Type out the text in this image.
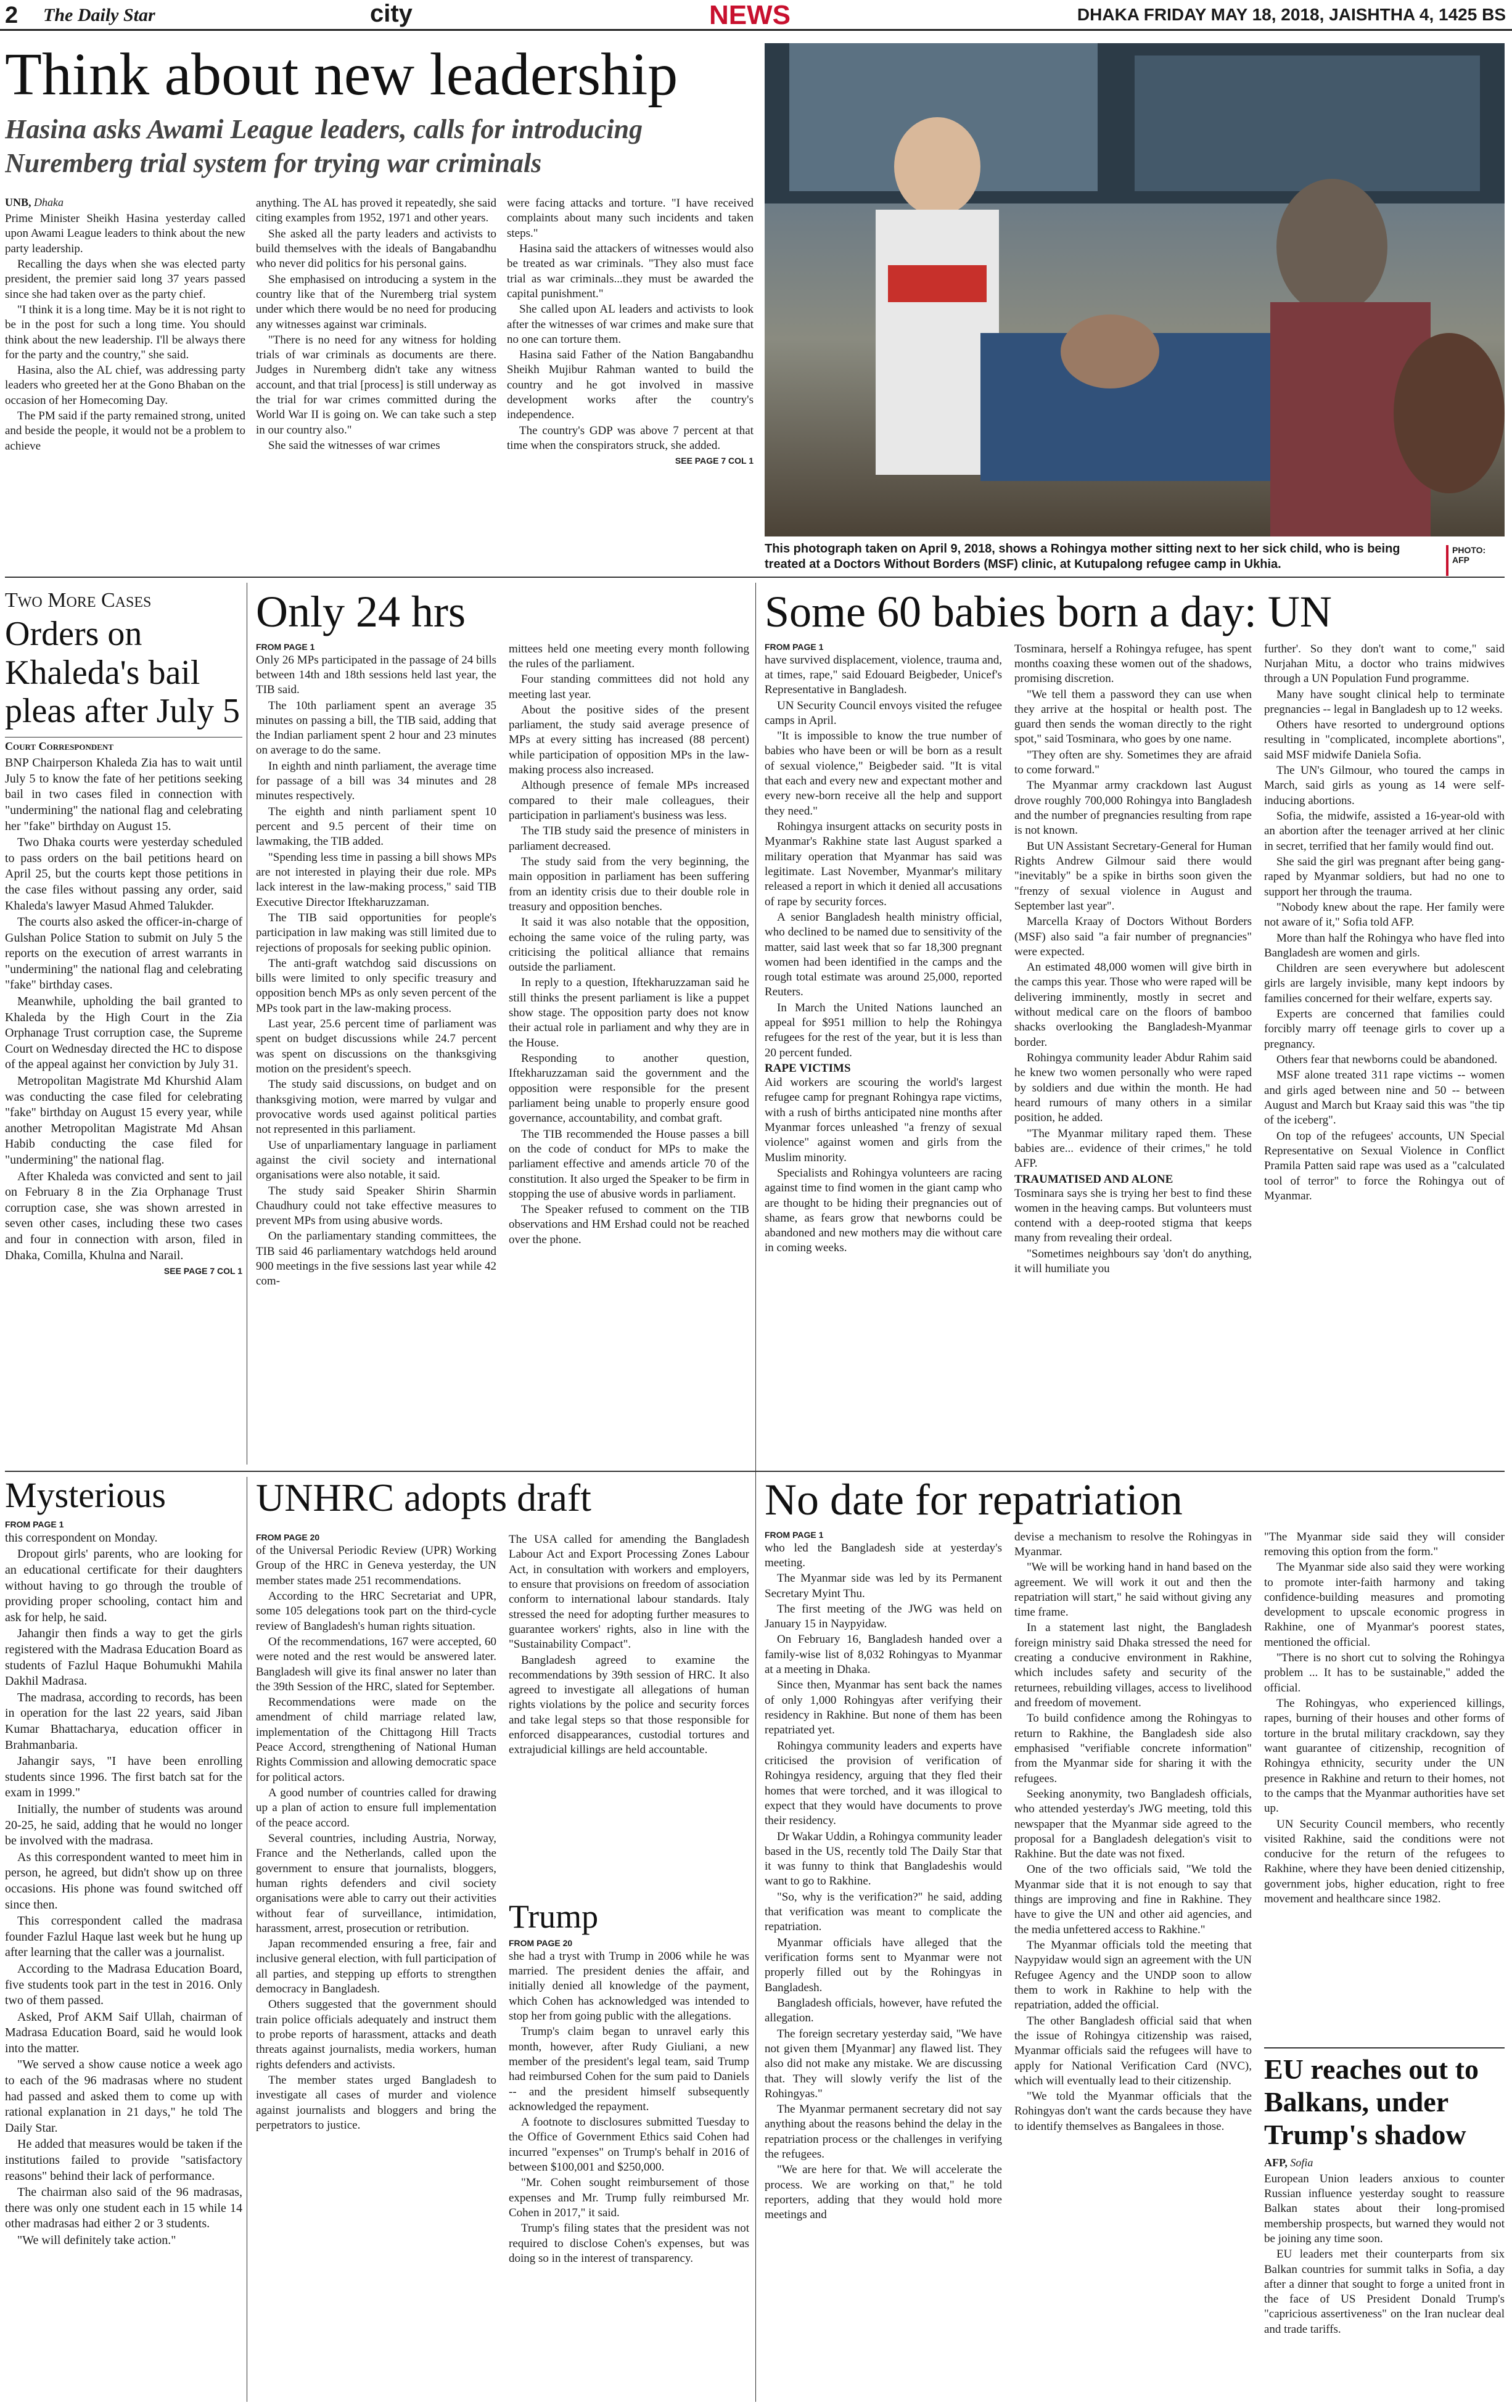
2 The Daily Star	city	NEWS	DHAKA FRIDAY MAY 18, 2018, JAISHTHA 4, 1425 BS
Think about new leadership
Hasina asks Awami League leaders, calls for introducing Nuremberg trial system for trying war criminals
UNB, Dhaka

Prime Minister Sheikh Hasina yesterday called upon Awami League leaders to think about the new party leadership.

Recalling the days when she was elected party president, the premier said long 37 years passed since she had taken over as the party chief.

"I think it is a long time. May be it is not right to be in the post for such a long time. You should think about the new leadership. I'll be always there for the party and the country," she said.

Hasina, also the AL chief, was addressing party leaders who greeted her at the Gono Bhaban on the occasion of her Homecoming Day.

The PM said if the party remained strong, united and beside the people, it would not be a problem to achieve

anything. The AL has proved it repeatedly, she said citing examples from 1952, 1971 and other years.

She asked all the party leaders and activists to build themselves with the ideals of Bangabandhu who never did politics for his personal gains.

She emphasised on introducing a system in the country like that of the Nuremberg trial system under which there would be no need for producing any witnesses against war criminals.

"There is no need for any witness for holding trials of war criminals as documents are there. Judges in Nuremberg didn't take any witness account, and that trial [process] is still underway as the trial for war crimes committed during the World War II is going on. We can take such a step in our country also."

She said the witnesses of war crimes

were facing attacks and torture. "I have received complaints about many such incidents and taken steps."

Hasina said the attackers of witnesses would also be treated as war criminals. "They also must face trial as war criminals...they must be awarded the capital punishment."

She called upon AL leaders and activists to look after the witnesses of war crimes and make sure that no one can torture them.

Hasina said Father of the Nation Bangabandhu Sheikh Mujibur Rahman wanted to build the country and he got involved in massive development works after the country's independence.

The country's GDP was above 7 percent at that time when the conspirators struck, she added.

SEE PAGE 7 COL 1
This photograph taken on April 9, 2018, shows a Rohingya mother sitting next to her sick child, who is being treated at a Doctors Without Borders (MSF) clinic, at Kutupalong refugee camp in Ukhia.
PHOTO:
AFP
Two More Cases
Orders on Khaleda's bail pleas after July 5
Court Correspondent

BNP Chairperson Khaleda Zia has to wait until July 5 to know the fate of her petitions seeking bail in two cases filed in connection with "undermining" the national flag and celebrating her "fake" birthday on August 15.

Two Dhaka courts were yesterday scheduled to pass orders on the bail petitions heard on April 25, but the courts kept those petitions in the case files without passing any order, said Khaleda's lawyer Masud Ahmed Talukder.

The courts also asked the officer-in-charge of Gulshan Police Station to submit on July 5 the reports on the execution of arrest warrants in "undermining" the national flag and celebrating "fake" birthday cases.

Meanwhile, upholding the bail granted to Khaleda by the High Court in the Zia Orphanage Trust corruption case, the Supreme Court on Wednesday directed the HC to dispose of the appeal against her conviction by July 31.

Metropolitan Magistrate Md Khurshid Alam was conducting the case filed for celebrating "fake" birthday on August 15 every year, while another Metropolitan Magistrate Md Ahsan Habib conducting the case filed for "undermining" the national flag.

After Khaleda was convicted and sent to jail on February 8 in the Zia Orphanage Trust corruption case, she was shown arrested in seven other cases, including these two cases and four in connection with arson, filed in Dhaka, Comilla, Khulna and Narail.

SEE PAGE 7 COL 1
Only 24 hrs
FROM PAGE 1

Only 26 MPs participated in the passage of 24 bills between 14th and 18th sessions held last year, the TIB said.

The 10th parliament spent an average 35 minutes on passing a bill, the TIB said, adding that the Indian parliament spent 2 hour and 23 minutes on average to do the same.

In eighth and ninth parliament, the average time for passage of a bill was 34 minutes and 28 minutes respectively.

The eighth and ninth parliament spent 10 percent and 9.5 percent of their time on lawmaking, the TIB added.

"Spending less time in passing a bill shows MPs are not interested in playing their due role. MPs lack interest in the law-making process," said TIB Executive Director Iftekharuzzaman.

The TIB said opportunities for people's participation in law making was still limited due to rejections of proposals for seeking public opinion.

The anti-graft watchdog said discussions on bills were limited to only specific treasury and opposition bench MPs as only seven percent of the MPs took part in the law-making process.

Last year, 25.6 percent time of parliament was spent on budget discussions while 24.7 percent was spent on discussions on the thanksgiving motion on the president's speech.

The study said discussions, on budget and on thanksgiving motion, were marred by vulgar and provocative words used against political parties not represented in this parliament.

Use of unparliamentary language in parliament against the civil society and international organisations were also notable, it said.

The study said Speaker Shirin Sharmin Chaudhury could not take effective measures to prevent MPs from using abusive words.

On the parliamentary standing committees, the TIB said 46 parliamentary watchdogs held around 900 meetings in the five sessions last year while 42 com-

mittees held one meeting every month following the rules of the parliament.

Four standing committees did not hold any meeting last year.

About the positive sides of the present parliament, the study said average presence of MPs at every sitting has increased (88 percent) while participation of opposition MPs in the law-making process also increased.

Although presence of female MPs increased compared to their male colleagues, their participation in parliament's business was less.

The TIB study said the presence of ministers in parliament decreased.

The study said from the very beginning, the main opposition in parliament has been suffering from an identity crisis due to their double role in treasury and opposition benches.

It said it was also notable that the opposition, echoing the same voice of the ruling party, was criticising the political alliance that remains outside the parliament.

In reply to a question, Iftekharuzzaman said he still thinks the present parliament is like a puppet show stage. The opposition party does not know their actual role in parliament and why they are in the House.

Responding to another question, Iftekharuzzaman said the government and the opposition were responsible for the present parliament being unable to properly ensure good governance, accountability, and combat graft.

The TIB recommended the House passes a bill on the code of conduct for MPs to make the parliament effective and amends article 70 of the constitution. It also urged the Speaker to be firm in stopping the use of abusive words in parliament.

The Speaker refused to comment on the TIB observations and HM Ershad could not be reached over the phone.

Some 60 babies born a day: UN
FROM PAGE 1

have survived displacement, violence, trauma and, at times, rape," said Edouard Beigbeder, Unicef's Representative in Bangladesh.

UN Security Council envoys visited the refugee camps in April.

"It is impossible to know the true number of babies who have been or will be born as a result of sexual violence," Beigbeder said. "It is vital that each and every new and expectant mother and every new-born receive all the help and support they need."

Rohingya insurgent attacks on security posts in Myanmar's Rakhine state last August sparked a military operation that Myanmar has said was legitimate. Last November, Myanmar's military released a report in which it denied all accusations of rape by security forces.

A senior Bangladesh health ministry official, who declined to be named due to sensitivity of the matter, said last week that so far 18,300 pregnant women had been identified in the camps and the rough total estimate was around 25,000, reported Reuters.

In March the United Nations launched an appeal for $951 million to help the Rohingya refugees for the rest of the year, but it is less than 20 percent funded.

RAPE VICTIMS

Aid workers are scouring the world's largest refugee camp for pregnant Rohingya rape victims, with a rush of births anticipated nine months after Myanmar forces unleashed "a frenzy of sexual violence" against women and girls from the Muslim minority.

Specialists and Rohingya volunteers are racing against time to find women in the giant camp who are thought to be hiding their pregnancies out of shame, as fears grow that newborns could be abandoned and new mothers may die without care in coming weeks.

Tosminara, herself a Rohingya refugee, has spent months coaxing these women out of the shadows, promising discretion.

"We tell them a password they can use when they arrive at the hospital or health post. The guard then sends the woman directly to the right spot," said Tosminara, who goes by one name.

"They often are shy. Sometimes they are afraid to come forward."

The Myanmar army crackdown last August drove roughly 700,000 Rohingya into Bangladesh and the number of pregnancies resulting from rape is not known.

But UN Assistant Secretary-General for Human Rights Andrew Gilmour said there would "inevitably" be a spike in births soon given the "frenzy of sexual violence in August and September last year".

Marcella Kraay of Doctors Without Borders (MSF) also said "a fair number of pregnancies" were expected.

An estimated 48,000 women will give birth in the camps this year. Those who were raped will be delivering imminently, mostly in secret and without medical care on the floors of bamboo shacks overlooking the Bangladesh-Myanmar border.

Rohingya community leader Abdur Rahim said he knew two women personally who were raped by soldiers and due within the month. He had heard rumours of many others in a similar position, he added.

"The Myanmar military raped them. These babies are... evidence of their crimes," he told AFP.

TRAUMATISED AND ALONE

Tosminara says she is trying her best to find these women in the heaving camps. But volunteers must contend with a deep-rooted stigma that keeps many from revealing their ordeal.

"Sometimes neighbours say 'don't do anything, it will humiliate you

further'. So they don't want to come," said Nurjahan Mitu, a doctor who trains midwives through a UN Population Fund programme.

Many have sought clinical help to terminate pregnancies -- legal in Bangladesh up to 12 weeks.

Others have resorted to underground options resulting in "complicated, incomplete abortions", said MSF midwife Daniela Sofia.

The UN's Gilmour, who toured the camps in March, said girls as young as 14 were self-inducing abortions.

Sofia, the midwife, assisted a 16-year-old with an abortion after the teenager arrived at her clinic in secret, terrified that her family would find out.

She said the girl was pregnant after being gang-raped by Myanmar soldiers, but had no one to support her through the trauma.

"Nobody knew about the rape. Her family were not aware of it," Sofia told AFP.

More than half the Rohingya who have fled into Bangladesh are women and girls.

Children are seen everywhere but adolescent girls are largely invisible, many kept indoors by families concerned for their welfare, experts say.

Experts are concerned that families could forcibly marry off teenage girls to cover up a pregnancy.

Others fear that newborns could be abandoned.

MSF alone treated 311 rape victims -- women and girls aged between nine and 50 -- between August and March but Kraay said this was "the tip of the iceberg".

On top of the refugees' accounts, UN Special Representative on Sexual Violence in Conflict Pramila Patten said rape was used as a "calculated tool of terror" to force the Rohingya out of Myanmar.

Mysterious
FROM PAGE 1

this correspondent on Monday.

Dropout girls' parents, who are looking for an educational certificate for their daughters without having to go through the trouble of providing proper schooling, contact him and ask for help, he said.

Jahangir then finds a way to get the girls registered with the Madrasa Education Board as students of Fazlul Haque Bohumukhi Mahila Dakhil Madrasa.

The madrasa, according to records, has been in operation for the last 22 years, said Jiban Kumar Bhattacharya, education officer in Brahmanbaria.

Jahangir says, "I have been enrolling students since 1996. The first batch sat for the exam in 1999."

Initially, the number of students was around 20-25, he said, adding that he would no longer be involved with the madrasa.

As this correspondent wanted to meet him in person, he agreed, but didn't show up on three occasions. His phone was found switched off since then.

This correspondent called the madrasa founder Fazlul Haque last week but he hung up after learning that the caller was a journalist.

According to the Madrasa Education Board, five students took part in the test in 2016. Only two of them passed.

Asked, Prof AKM Saif Ullah, chairman of Madrasa Education Board, said he would look into the matter.

"We served a show cause notice a week ago to each of the 96 madrasas where no student had passed and asked them to come up with rational explanation in 21 days," he told The Daily Star.

He added that measures would be taken if the institutions failed to provide "satisfactory reasons" behind their lack of performance.

The chairman also said of the 96 madrasas, there was only one student each in 15 while 14 other madrasas had either 2 or 3 students.

"We will definitely take action."

UNHRC adopts draft
FROM PAGE 20

of the Universal Periodic Review (UPR) Working Group of the HRC in Geneva yesterday, the UN member states made 251 recommendations.

According to the HRC Secretariat and UPR, some 105 delegations took part on the third-cycle review of Bangladesh's human rights situation.

Of the recommendations, 167 were accepted, 60 were noted and the rest would be answered later. Bangladesh will give its final answer no later than the 39th Session of the HRC, slated for September.

Recommendations were made on the amendment of child marriage related law, implementation of the Chittagong Hill Tracts Peace Accord, strengthening of National Human Rights Commission and allowing democratic space for political actors.

A good number of countries called for drawing up a plan of action to ensure full implementation of the peace accord.

Several countries, including Austria, Norway, France and the Netherlands, called upon the government to ensure that journalists, bloggers, human rights defenders and civil society organisations were able to carry out their activities without fear of surveillance, intimidation, harassment, arrest, prosecution or retribution.

Japan recommended ensuring a free, fair and inclusive general election, with full participation of all parties, and stepping up efforts to strengthen democracy in Bangladesh.

Others suggested that the government should train police officials adequately and instruct them to probe reports of harassment, attacks and death threats against journalists, media workers, human rights defenders and activists.

The member states urged Bangladesh to investigate all cases of murder and violence against journalists and bloggers and bring the perpetrators to justice.

The USA called for amending the Bangladesh Labour Act and Export Processing Zones Labour Act, in consultation with workers and employers, to ensure that provisions on freedom of association conform to international labour standards. Italy stressed the need for adopting further measures to guarantee workers' rights, also in line with the "Sustainability Compact".

Bangladesh agreed to examine the recommendations by 39th session of HRC. It also agreed to investigate all allegations of human rights violations by the police and security forces and take legal steps so that those responsible for enforced disappearances, custodial tortures and extrajudicial killings are held accountable.

Trump
FROM PAGE 20

she had a tryst with Trump in 2006 while he was married. The president denies the affair, and initially denied all knowledge of the payment, which Cohen has acknowledged was intended to stop her from going public with the allegations.

Trump's claim began to unravel early this month, however, after Rudy Giuliani, a new member of the president's legal team, said Trump had reimbursed Cohen for the sum paid to Daniels -- and the president himself subsequently acknowledged the repayment.

A footnote to disclosures submitted Tuesday to the Office of Government Ethics said Cohen had incurred "expenses" on Trump's behalf in 2016 of between $100,001 and $250,000.

"Mr. Cohen sought reimbursement of those expenses and Mr. Trump fully reimbursed Mr. Cohen in 2017," it said.

Trump's filing states that the president was not required to disclose Cohen's expenses, but was doing so in the interest of transparency.

No date for repatriation
FROM PAGE 1

who led the Bangladesh side at yesterday's meeting.

The Myanmar side was led by its Permanent Secretary Myint Thu.

The first meeting of the JWG was held on January 15 in Naypyidaw.

On February 16, Bangladesh handed over a family-wise list of 8,032 Rohingyas to Myanmar at a meeting in Dhaka.

Since then, Myanmar has sent back the names of only 1,000 Rohingyas after verifying their residency in Rakhine. But none of them has been repatriated yet.

Rohingya community leaders and experts have criticised the provision of verification of Rohingya residency, arguing that they fled their homes that were torched, and it was illogical to expect that they would have documents to prove their residency.

Dr Wakar Uddin, a Rohingya community leader based in the US, recently told The Daily Star that it was funny to think that Bangladeshis would want to go to Rakhine.

"So, why is the verification?" he said, adding that verification was meant to complicate the repatriation.

Myanmar officials have alleged that the verification forms sent to Myanmar were not properly filled out by the Rohingyas in Bangladesh.

Bangladesh officials, however, have refuted the allegation.

The foreign secretary yesterday said, "We have not given them [Myanmar] any flawed list. They also did not make any mistake. We are discussing that. They will slowly verify the list of the Rohingyas."

The Myanmar permanent secretary did not say anything about the reasons behind the delay in the repatriation process or the challenges in verifying the refugees.

"We are here for that. We will accelerate the process. We are working on that," he told reporters, adding that they would hold more meetings and

devise a mechanism to resolve the Rohingyas in Myanmar.

"We will be working hand in hand based on the agreement. We will work it out and then the repatriation will start," he said without giving any time frame.

In a statement last night, the Bangladesh foreign ministry said Dhaka stressed the need for creating a conducive environment in Rakhine, which includes safety and security of the returnees, rebuilding villages, access to livelihood and freedom of movement.

To build confidence among the Rohingyas to return to Rakhine, the Bangladesh side also emphasised "verifiable concrete information" from the Myanmar side for sharing it with the refugees.

Seeking anonymity, two Bangladesh officials, who attended yesterday's JWG meeting, told this newspaper that the Myanmar side agreed to the proposal for a Bangladesh delegation's visit to Rakhine. But the date was not fixed.

One of the two officials said, "We told the Myanmar side that it is not enough to say that things are improving and fine in Rakhine. They have to give the UN and other aid agencies, and the media unfettered access to Rakhine."

The Myanmar officials told the meeting that Naypyidaw would sign an agreement with the UN Refugee Agency and the UNDP soon to allow them to work in Rakhine to help with the repatriation, added the official.

The other Bangladesh official said that when the issue of Rohingya citizenship was raised, Myanmar officials said the refugees will have to apply for National Verification Card (NVC), which will eventually lead to their citizenship.

"We told the Myanmar officials that the Rohingyas don't want the cards because they have to identify themselves as Bangalees in those.

"The Myanmar side said they will consider removing this option from the form."

The Myanmar side also said they were working to promote inter-faith harmony and taking confidence-building measures and promoting development to upscale economic progress in Rakhine, one of Myanmar's poorest states, mentioned the official.

"There is no short cut to solving the Rohingya problem ... It has to be sustainable," added the official.

The Rohingyas, who experienced killings, rapes, burning of their houses and other forms of torture in the brutal military crackdown, say they want guarantee of citizenship, recognition of Rohingya ethnicity, security under the UN presence in Rakhine and return to their homes, not to the camps that the Myanmar authorities have set up.

UN Security Council members, who recently visited Rakhine, said the conditions were not conducive for the return of the refugees to Rakhine, where they have been denied citizenship, government jobs, higher education, right to free movement and healthcare since 1982.

EU reaches out to Balkans, under Trump's shadow
AFP, Sofia

European Union leaders anxious to counter Russian influence yesterday sought to reassure Balkan states about their long-promised membership prospects, but warned they would not be joining any time soon.

EU leaders met their counterparts from six Balkan countries for summit talks in Sofia, a day after a dinner that sought to forge a united front in the face of US President Donald Trump's "capricious assertiveness" on the Iran nuclear deal and trade tariffs.
